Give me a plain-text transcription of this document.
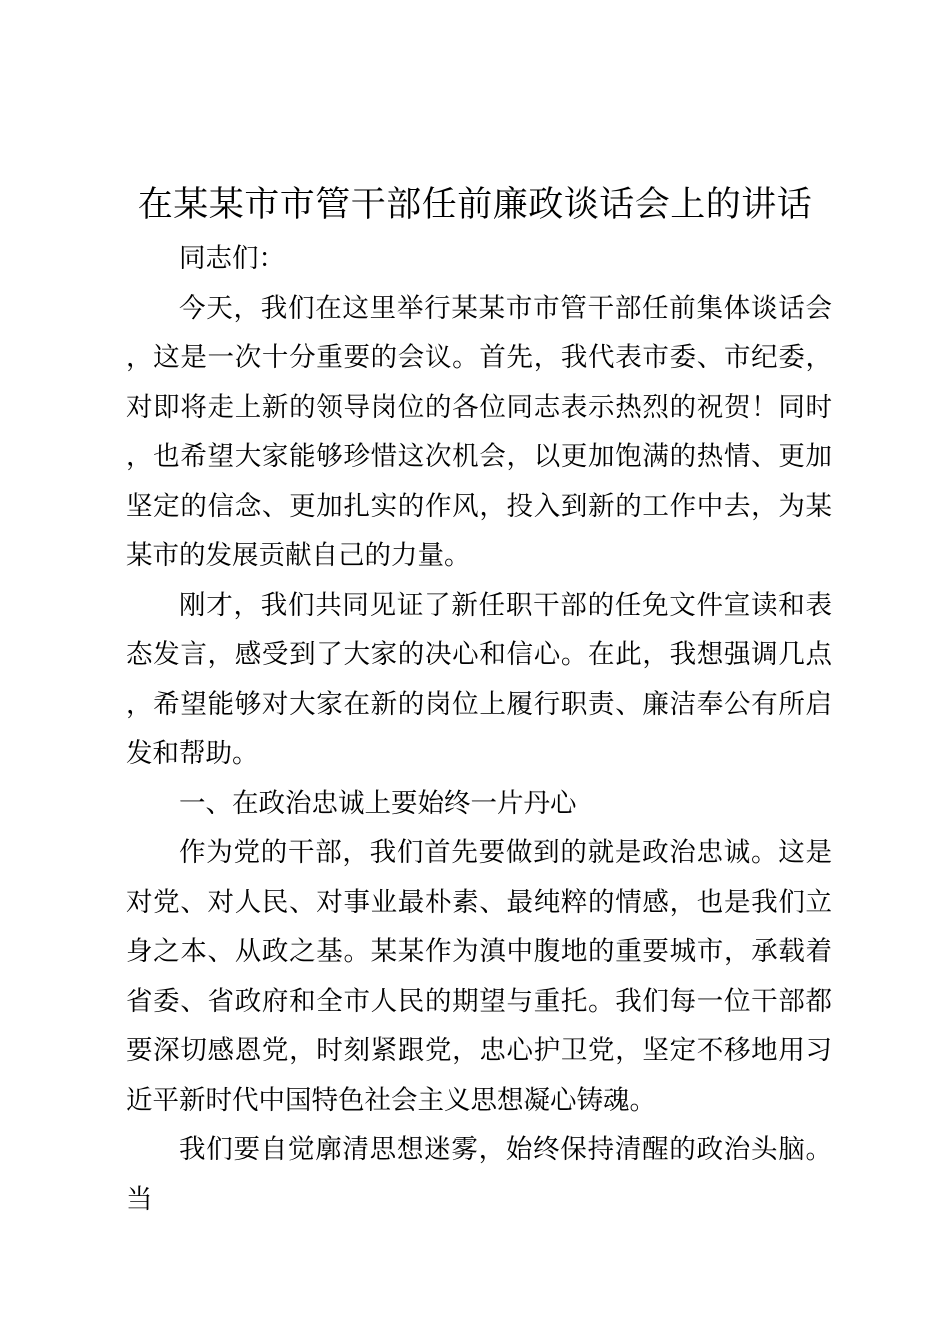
在某某市市管干部任前廉政谈话会上的讲话

同志们：

今天，我们在这里举行某某市市管干部任前集体谈话会，这是一次十分重要的会议。首先，我代表市委、市纪委，对即将走上新的领导岗位的各位同志表示热烈的祝贺！同时，也希望大家能够珍惜这次机会，以更加饱满的热情、更加坚定的信念、更加扎实的作风，投入到新的工作中去，为某某市的发展贡献自己的力量。

刚才，我们共同见证了新任职干部的任免文件宣读和表态发言，感受到了大家的决心和信心。在此，我想强调几点，希望能够对大家在新的岗位上履行职责、廉洁奉公有所启发和帮助。

一、在政治忠诚上要始终一片丹心

作为党的干部，我们首先要做到的就是政治忠诚。这是对党、对人民、对事业最朴素、最纯粹的情感，也是我们立身之本、从政之基。某某作为滇中腹地的重要城市，承载着省委、省政府和全市人民的期望与重托。我们每一位干部都要深切感恩党，时刻紧跟党，忠心护卫党，坚定不移地用习近平新时代中国特色社会主义思想凝心铸魂。

我们要自觉廓清思想迷雾，始终保持清醒的政治头脑。当
